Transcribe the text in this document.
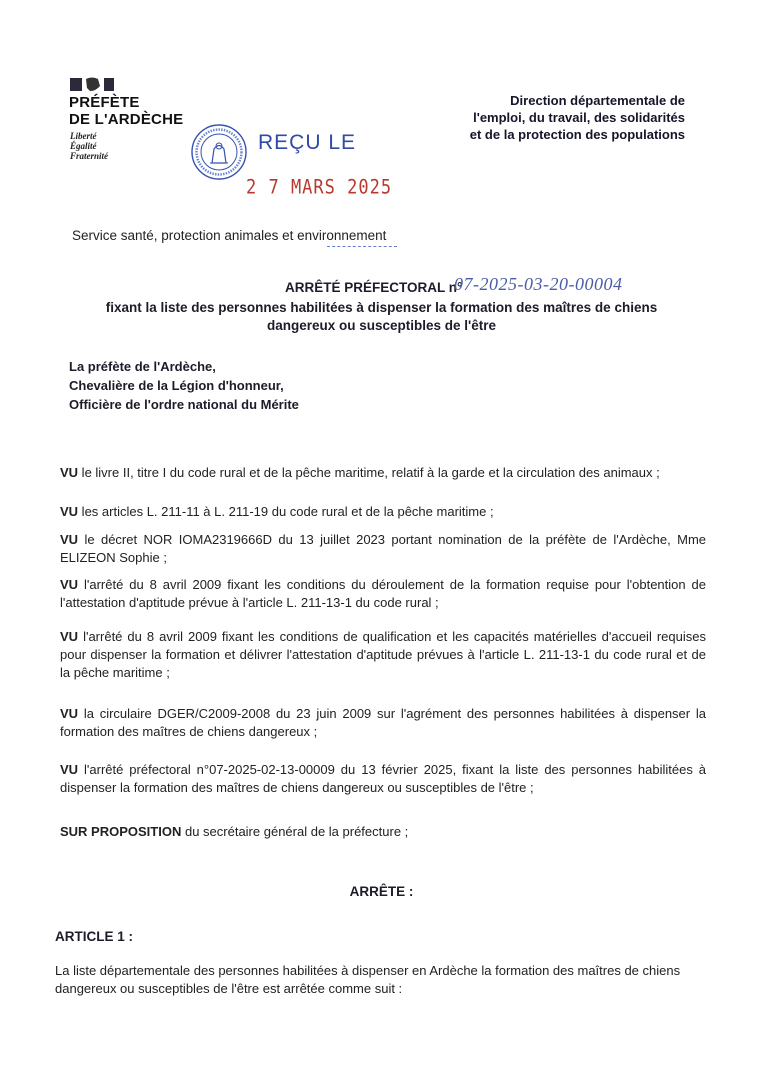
PRÉFÈTE
DE L'ARDÈCHE
Liberté
Égalité
Fraternité
Direction départementale de
l'emploi, du travail, des solidarités
et de la protection des populations
REÇU LE
2 7 MARS 2025
Service santé, protection animales et environnement
ARRÊTÉ PRÉFECTORAL n°
07-2025-03-20-00004
fixant la liste des personnes habilitées à dispenser la formation des maîtres de chiens
dangereux ou susceptibles de l'être
La préfète de l'Ardèche,
Chevalière de la Légion d'honneur,
Officière de l'ordre national du Mérite
VU le livre II, titre I du code rural et de la pêche maritime, relatif à la garde et la circulation des animaux ;
VU les articles L. 211-11 à L. 211-19 du code rural et de la pêche maritime ;
VU le décret NOR IOMA2319666D du 13 juillet 2023 portant nomination de la préfète de l'Ardèche, Mme ELIZEON Sophie ;
VU l'arrêté du 8 avril 2009 fixant les conditions du déroulement de la formation requise pour l'obtention de l'attestation d'aptitude prévue à l'article L. 211-13-1 du code rural ;
VU l'arrêté du 8 avril 2009 fixant les conditions de qualification et les capacités matérielles d'accueil requises pour dispenser la formation et délivrer l'attestation d'aptitude prévues à l'article L. 211-13-1 du code rural et de la pêche maritime ;
VU la circulaire DGER/C2009-2008 du 23 juin 2009 sur l'agrément des personnes habilitées à dispenser la formation des maîtres de chiens dangereux ;
VU l'arrêté préfectoral n°07-2025-02-13-00009 du 13 février 2025, fixant la liste des personnes habilitées à dispenser la formation des maîtres de chiens dangereux ou susceptibles de l'être ;
SUR PROPOSITION du secrétaire général de la préfecture ;
ARRÊTE :
ARTICLE 1 :
La liste départementale des personnes habilitées à dispenser en Ardèche la formation des maîtres de chiens dangereux ou susceptibles de l'être est arrêtée comme suit :
